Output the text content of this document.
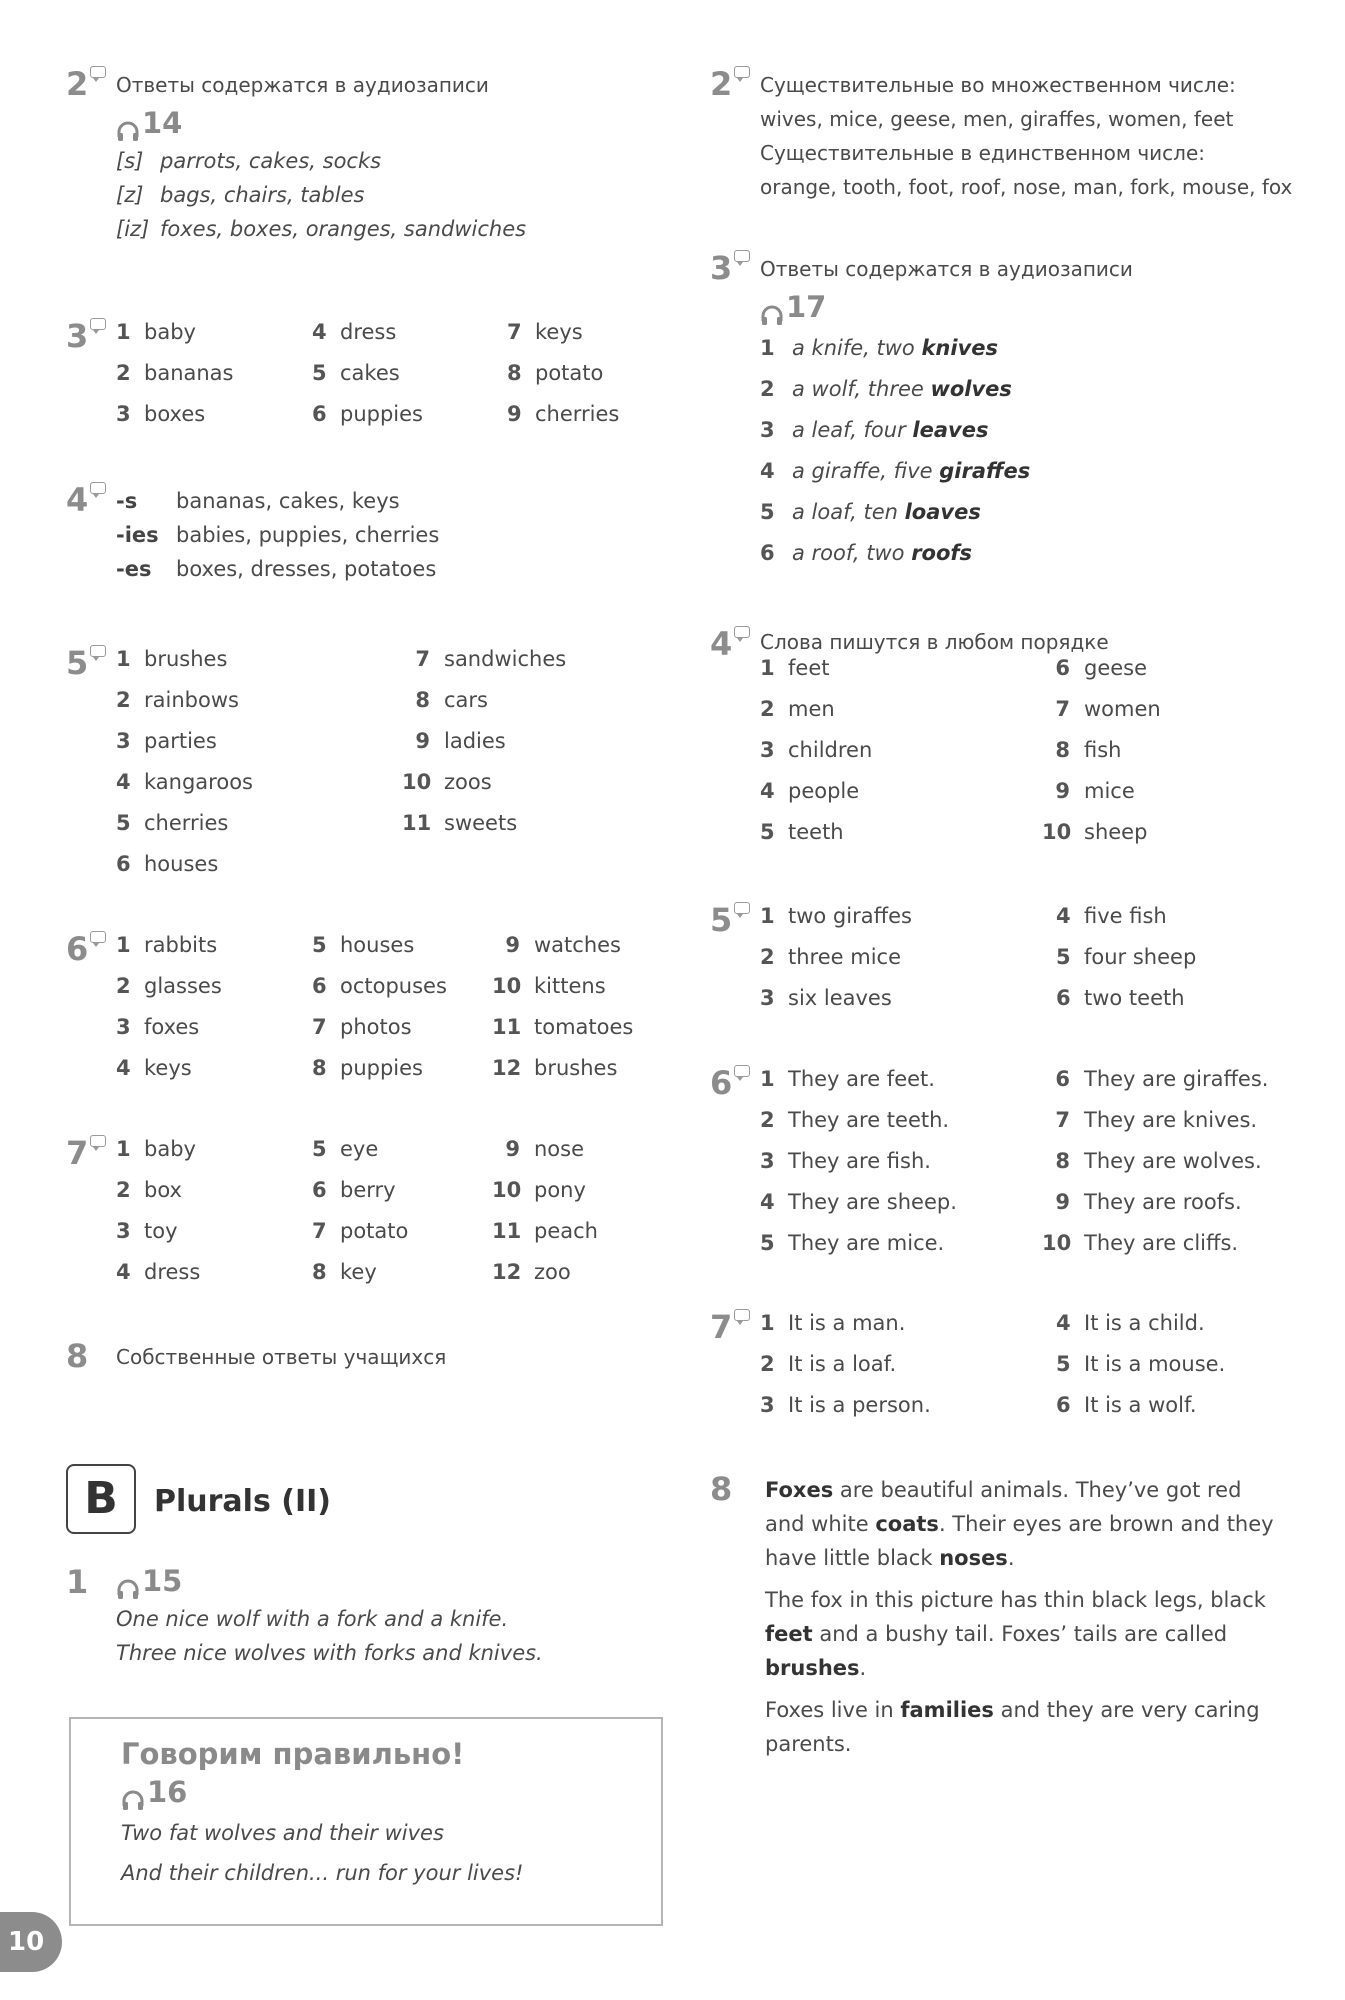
2	Ответы содержатся в аудиозаписи
14
[s] parrots, cakes, socks
[z] bags, chairs, tables
[iz] foxes, boxes, oranges, sandwiches
3	1 baby
2 bananas
3 boxes
4 dress
5 cakes
6 puppies
7 keys
8 potato
9 cherries
4	-s bananas, cakes, keys
-ies babies, puppies, cherries
-es boxes, dresses, potatoes
5	1 brushes
2 rainbows
3 parties
4 kangaroos
5 cherries
6 houses
7 sandwiches
8 cars
9 ladies
10 zoos
11 sweets
6	1 rabbits
2 glasses
3 foxes
4 keys
5 houses
6 octopuses
7 photos
8 puppies
9 watches
10 kittens
11 tomatoes
12 brushes
7	1 baby
2 box
3 toy
4 dress
5 eye
6 berry
7 potato
8 key
9 nose
10 pony
11 peach
12 zoo
8 Собственные ответы учащихся
B	Plurals (II)
1 15
One nice wolf with a fork and a knife.
Three nice wolves with forks and knives.
Говорим правильно!
16
Two fat wolves and their wives
And their children... run for your lives!
2	Существительные во множественном числе:
wives, mice, geese, men, giraffes, women, feet
Существительные в единственном числе:
orange, tooth, foot, roof, nose, man, fork, mouse, fox
3	Ответы содержатся в аудиозаписи
17
1 a knife, two knives
2 a wolf, three wolves
3 a leaf, four leaves
4 a giraffe, five giraffes
5 a loaf, ten loaves
6 a roof, two roofs
4	Слова пишутся в любом порядке
1 feet
2 men
3 children
4 people
5 teeth
6 geese
7 women
8 fish
9 mice
10 sheep
5	1 two giraffes
2 three mice
3 six leaves
4 five fish
5 four sheep
6 two teeth
6	1 They are feet.
2 They are teeth.
3 They are fish.
4 They are sheep.
5 They are mice.
6 They are giraffes.
7 They are knives.
8 They are wolves.
9 They are roofs.
10 They are cliffs.
7	1 It is a man.
2 It is a loaf.
3 It is a person.
4 It is a child.
5 It is a mouse.
6 It is a wolf.
8 Foxes are beautiful animals. They’ve got red and white coats. Their eyes are brown and they have little black noses.
The fox in this picture has thin black legs, black feet and a bushy tail. Foxes’ tails are called brushes.
Foxes live in families and they are very caring parents.
10
